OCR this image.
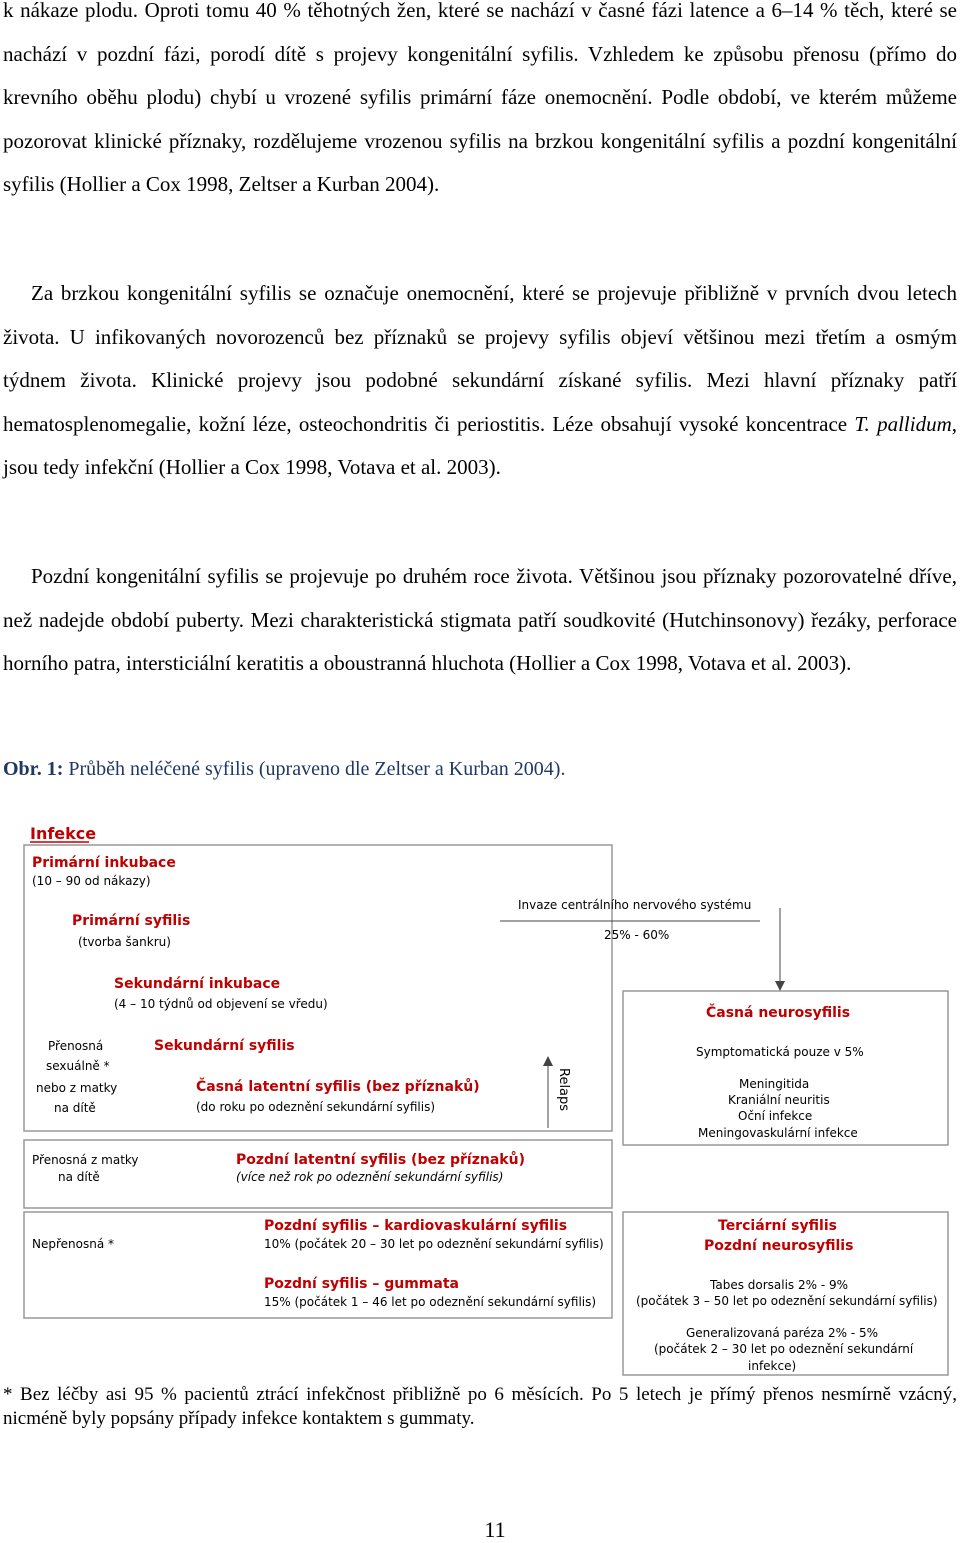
k nákaze plodu. Oproti tomu 40 % těhotných žen, které se nachází v časné fázi latence a 6–14 % těch, které se nachází v pozdní fázi, porodí dítě s projevy kongenitální syfilis. Vzhledem ke způsobu přenosu (přímo do krevního oběhu plodu) chybí u vrozené syfilis primární fáze onemocnění. Podle období, ve kterém můžeme pozorovat klinické příznaky, rozdělujeme vrozenou syfilis na brzkou kongenitální syfilis a pozdní kongenitální syfilis (Hollier a Cox 1998, Zeltser a Kurban 2004).

Za brzkou kongenitální syfilis se označuje onemocnění, které se projevuje přibližně v prvních dvou letech života. U infikovaných novorozenců bez příznaků se projevy syfilis objeví většinou mezi třetím a osmým týdnem života. Klinické projevy jsou podobné sekundární získané syfilis. Mezi hlavní příznaky patří hematosplenomegalie, kožní léze, osteochondritis či periostitis. Léze obsahují vysoké koncentrace T. pallidum, jsou tedy infekční (Hollier a Cox 1998, Votava et al. 2003).

Pozdní kongenitální syfilis se projevuje po druhém roce života. Většinou jsou příznaky pozorovatelné dříve, než nadejde období puberty. Mezi charakteristická stigmata patří soudkovité (Hutchinsonovy) řezáky, perforace horního patra, intersticiální keratitis a oboustranná hluchota (Hollier a Cox 1998, Votava et al. 2003).

Obr. 1: Průběh neléčené syfilis (upraveno dle Zeltser a Kurban 2004).
Infekce
Primární inkubace
(10 – 90 od nákazy)
Primární syfilis
(tvorba šankru)
Sekundární inkubace
(4 – 10 týdnů od objevení se vředu)
Sekundární syfilis
Časná latentní syfilis (bez příznaků)
(do roku po odeznění sekundární syfilis)
Přenosná
sexuálně *
nebo z matky
na dítě	Relaps
Přenosná z matky
na dítě
Pozdní latentní syfilis (bez příznaků)
(více než rok po odeznění sekundární syfilis)
Nepřenosná *
Pozdní syfilis – kardiovaskulární syfilis
10% (počátek 20 – 30 let po odeznění sekundární syfilis)
Pozdní syfilis – gummata
15% (počátek 1 – 46 let po odeznění sekundární syfilis)
Invaze centrálního nervového systému
25% - 60%
Časná neurosyfilis
Symptomatická pouze v 5%
Meningitida
Kraniální neuritis
Oční infekce
Meningovaskulární infekce
Terciární syfilis
Pozdní neurosyfilis
Tabes dorsalis 2% - 9%
(počátek 3 – 50 let po odeznění sekundární syfilis)
Generalizovaná paréza 2% - 5%
(počátek 2 – 30 let po odeznění sekundární
infekce)
* Bez léčby asi 95 % pacientů ztrácí infekčnost přibližně po 6 měsících. Po 5 letech je přímý přenos nesmírně vzácný, nicméně byly popsány případy infekce kontaktem s gummaty.
11
